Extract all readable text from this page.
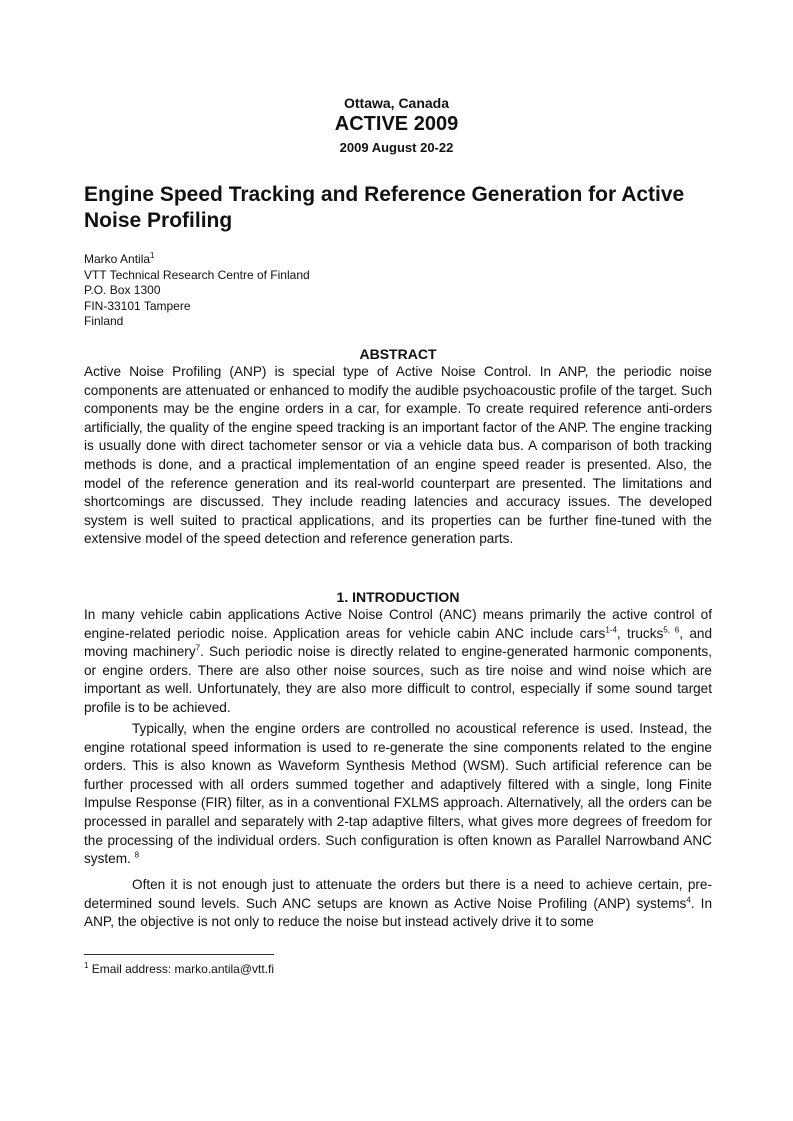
Ottawa, Canada
ACTIVE 2009
2009 August 20-22
Engine Speed Tracking and Reference Generation for Active Noise Profiling
Marko Antila$^1$
VTT Technical Research Centre of Finland
P.O. Box 1300
FIN-33101 Tampere
Finland
ABSTRACT

Active Noise Profiling (ANP) is special type of Active Noise Control. In ANP, the periodic noise components are attenuated or enhanced to modify the audible psychoacoustic profile of the target. Such components may be the engine orders in a car, for example. To create required reference anti-orders artificially, the quality of the engine speed tracking is an important factor of the ANP. The engine tracking is usually done with direct tachometer sensor or via a vehicle data bus. A comparison of both tracking methods is done, and a practical implementation of an engine speed reader is presented. Also, the model of the reference generation and its real-world counterpart are presented. The limitations and shortcomings are discussed. They include reading latencies and accuracy issues. The developed system is well suited to practical applications, and its properties can be further fine-tuned with the extensive model of the speed detection and reference generation parts.

1. INTRODUCTION

In many vehicle cabin applications Active Noise Control (ANC) means primarily the active control of engine-related periodic noise. Application areas for vehicle cabin ANC include cars$^{1-4}$, trucks$^{5, 6}$, and moving machinery$^7$. Such periodic noise is directly related to engine-generated harmonic components, or engine orders. There are also other noise sources, such as tire noise and wind noise which are important as well. Unfortunately, they are also more difficult to control, especially if some sound target profile is to be achieved.

Typically, when the engine orders are controlled no acoustical reference is used. Instead, the engine rotational speed information is used to re-generate the sine components related to the engine orders. This is also known as Waveform Synthesis Method (WSM). Such artificial reference can be further processed with all orders summed together and adaptively filtered with a single, long Finite Impulse Response (FIR) filter, as in a conventional FXLMS approach. Alternatively, all the orders can be processed in parallel and separately with 2-tap adaptive filters, what gives more degrees of freedom for the processing of the individual orders. Such configuration is often known as Parallel Narrowband ANC system. $^8$

Often it is not enough just to attenuate the orders but there is a need to achieve certain, pre-determined sound levels. Such ANC setups are known as Active Noise Profiling (ANP) systems$^4$. In ANP, the objective is not only to reduce the noise but instead actively drive it to some

$^1$ Email address: marko.antila@vtt.fi
